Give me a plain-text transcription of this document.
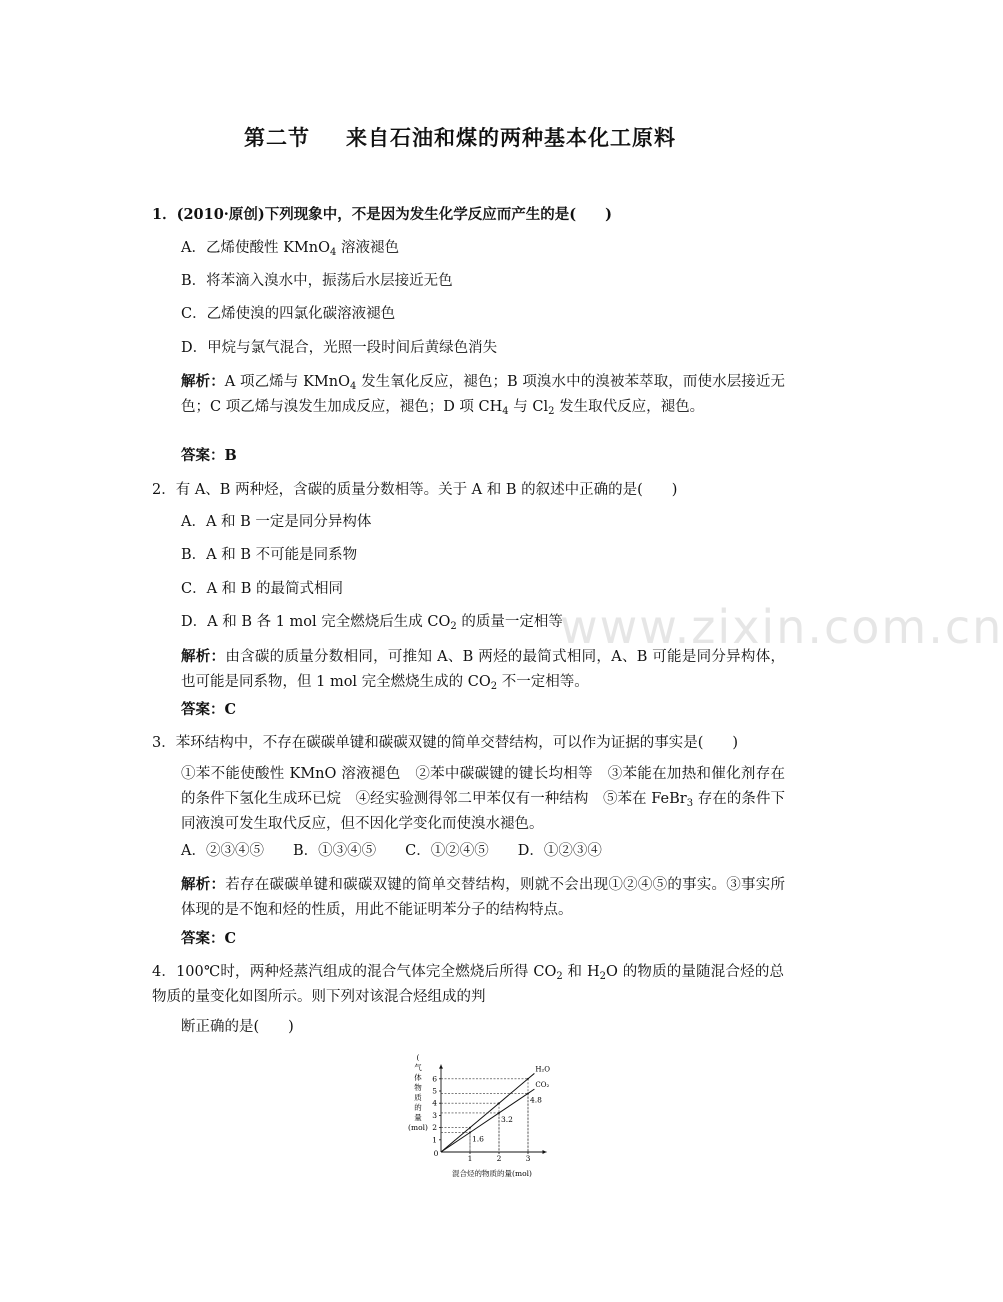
www.zixin.com.cn
第二节 来自石油和煤的两种基本化工原料
1．(2010·原创)下列现象中，不是因为发生化学反应而产生的是(　　)
A．乙烯使酸性 KMnO$_4$ 溶液褪色
B．将苯滴入溴水中，振荡后水层接近无色
C．乙烯使溴的四氯化碳溶液褪色
D．甲烷与氯气混合，光照一段时间后黄绿色消失
解析：A 项乙烯与 KMnO$_4$ 发生氧化反应，褪色；B 项溴水中的溴被苯萃取，而使水层接近无色；C 项乙烯与溴发生加成反应，褪色；D 项 $CH_4$ 与 $Cl_2$ 发生取代反应，褪色。
答案：B
2．有 A、B 两种烃，含碳的质量分数相等。关于 A 和 B 的叙述中正确的是(　　)
A．A 和 B 一定是同分异构体
B．A 和 B 不可能是同系物
C．A 和 B 的最简式相同
D．A 和 B 各 1 mol 完全燃烧后生成 $CO_2$ 的质量一定相等
解析：由含碳的质量分数相同，可推知 A、B 两烃的最简式相同，A、B 可能是同分异构体，也可能是同系物，但 1 mol 完全燃烧生成的 $CO_2$ 不一定相等。
答案：C
3．苯环结构中，不存在碳碳单键和碳碳双键的简单交替结构，可以作为证据的事实是(　　)
①苯不能使酸性 KMnO 溶液褪色　②苯中碳碳键的键长均相等　③苯能在加热和催化剂存在的条件下氢化生成环已烷　④经实验测得邻二甲苯仅有一种结构　⑤苯在 FeBr$_3$ 存在的条件下同液溴可发生取代反应，但不因化学变化而使溴水褪色。
A．②③④⑤　　B．①③④⑤　　C．①②④⑤　　D．①②③④
解析：若存在碳碳单键和碳碳双键的简单交替结构，则就不会出现①②④⑤的事实。③事实所体现的是不饱和烃的性质，用此不能证明苯分子的结构特点。
答案：C
4．100℃时，两种烃蒸汽组成的混合气体完全燃烧后所得 $CO_2$ 和 $H_2O$ 的物质的量随混合烃的总物质的量变化如图所示。则下列对该混合烃组成的判
断正确的是(　　)
(气体物质的量(mol)
混合烃的物质的量(mol)
0
1
2
3
4
5
6
1	2	3
H₂O
CO₂
1.6
3.2
4.8
